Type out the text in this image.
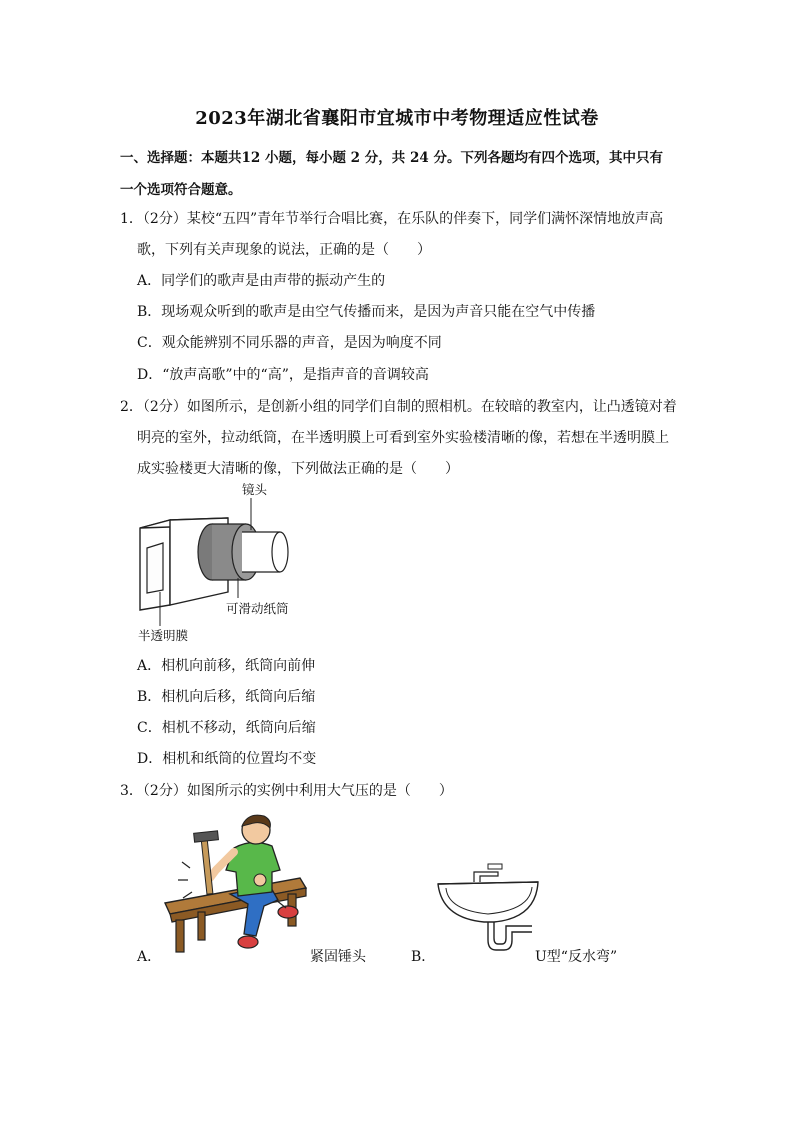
2023年湖北省襄阳市宜城市中考物理适应性试卷
一、选择题：本题共12 小题，每小题 2 分，共 24 分。下列各题均有四个选项，其中只有
一个选项符合题意。
1．（2分）某校“五四”青年节举行合唱比赛，在乐队的伴奏下，同学们满怀深情地放声高
歌，下列有关声现象的说法，正确的是（　　）
A．同学们的歌声是由声带的振动产生的
B．现场观众听到的歌声是由空气传播而来，是因为声音只能在空气中传播
C．观众能辨别不同乐器的声音，是因为响度不同
D．“放声高歌”中的“高”，是指声音的音调较高
2．（2分）如图所示，是创新小组的同学们自制的照相机。在较暗的教室内，让凸透镜对着
明亮的室外，拉动纸筒，在半透明膜上可看到室外实验楼清晰的像，若想在半透明膜上
成实验楼更大清晰的像，下列做法正确的是（　　）
镜头
可滑动纸筒
半透明膜
A．相机向前移，纸筒向前伸
B．相机向后移，纸筒向后缩
C．相机不移动，纸筒向后缩
D．相机和纸筒的位置均不变
3．（2分）如图所示的实例中利用大气压的是（　　）
A．	紧固锤头	B．	U型“反水弯”
